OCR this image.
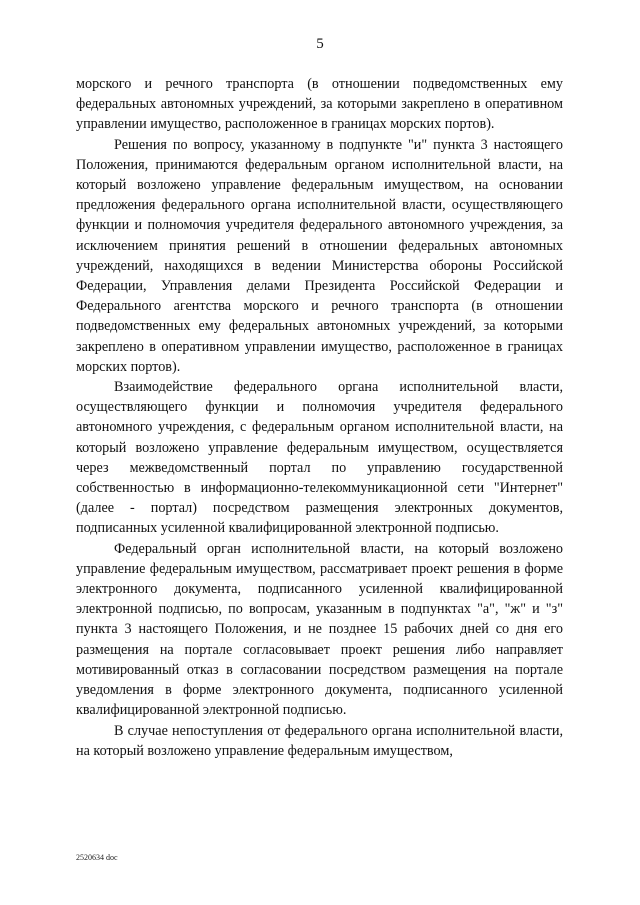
5

морского и речного транспорта (в отношении подведомственных ему федеральных автономных учреждений, за которыми закреплено в оперативном управлении имущество, расположенное в границах морских портов).

Решения по вопросу, указанному в подпункте "и" пункта 3 настоящего Положения, принимаются федеральным органом исполнительной власти, на который возложено управление федеральным имуществом, на основании предложения федерального органа исполнительной власти, осуществляющего функции и полномочия учредителя федерального автономного учреждения, за исключением принятия решений в отношении федеральных автономных учреждений, находящихся в ведении Министерства обороны Российской Федерации, Управления делами Президента Российской Федерации и Федерального агентства морского и речного транспорта (в отношении подведомственных ему федеральных автономных учреждений, за которыми закреплено в оперативном управлении имущество, расположенное в границах морских портов).

Взаимодействие федерального органа исполнительной власти, осуществляющего функции и полномочия учредителя федерального автономного учреждения, с федеральным органом исполнительной власти, на который возложено управление федеральным имуществом, осуществляется через межведомственный портал по управлению государственной собственностью в информационно-телекоммуникационной сети "Интернет" (далее - портал) посредством размещения электронных документов, подписанных усиленной квалифицированной электронной подписью.

Федеральный орган исполнительной власти, на который возложено управление федеральным имуществом, рассматривает проект решения в форме электронного документа, подписанного усиленной квалифицированной электронной подписью, по вопросам, указанным в подпунктах "а", "ж" и "з" пункта 3 настоящего Положения, и не позднее 15 рабочих дней со дня его размещения на портале согласовывает проект решения либо направляет мотивированный отказ в согласовании посредством размещения на портале уведомления в форме электронного документа, подписанного усиленной квалифицированной электронной подписью.

В случае непоступления от федерального органа исполнительной власти, на который возложено управление федеральным имуществом,

2520634 doc
